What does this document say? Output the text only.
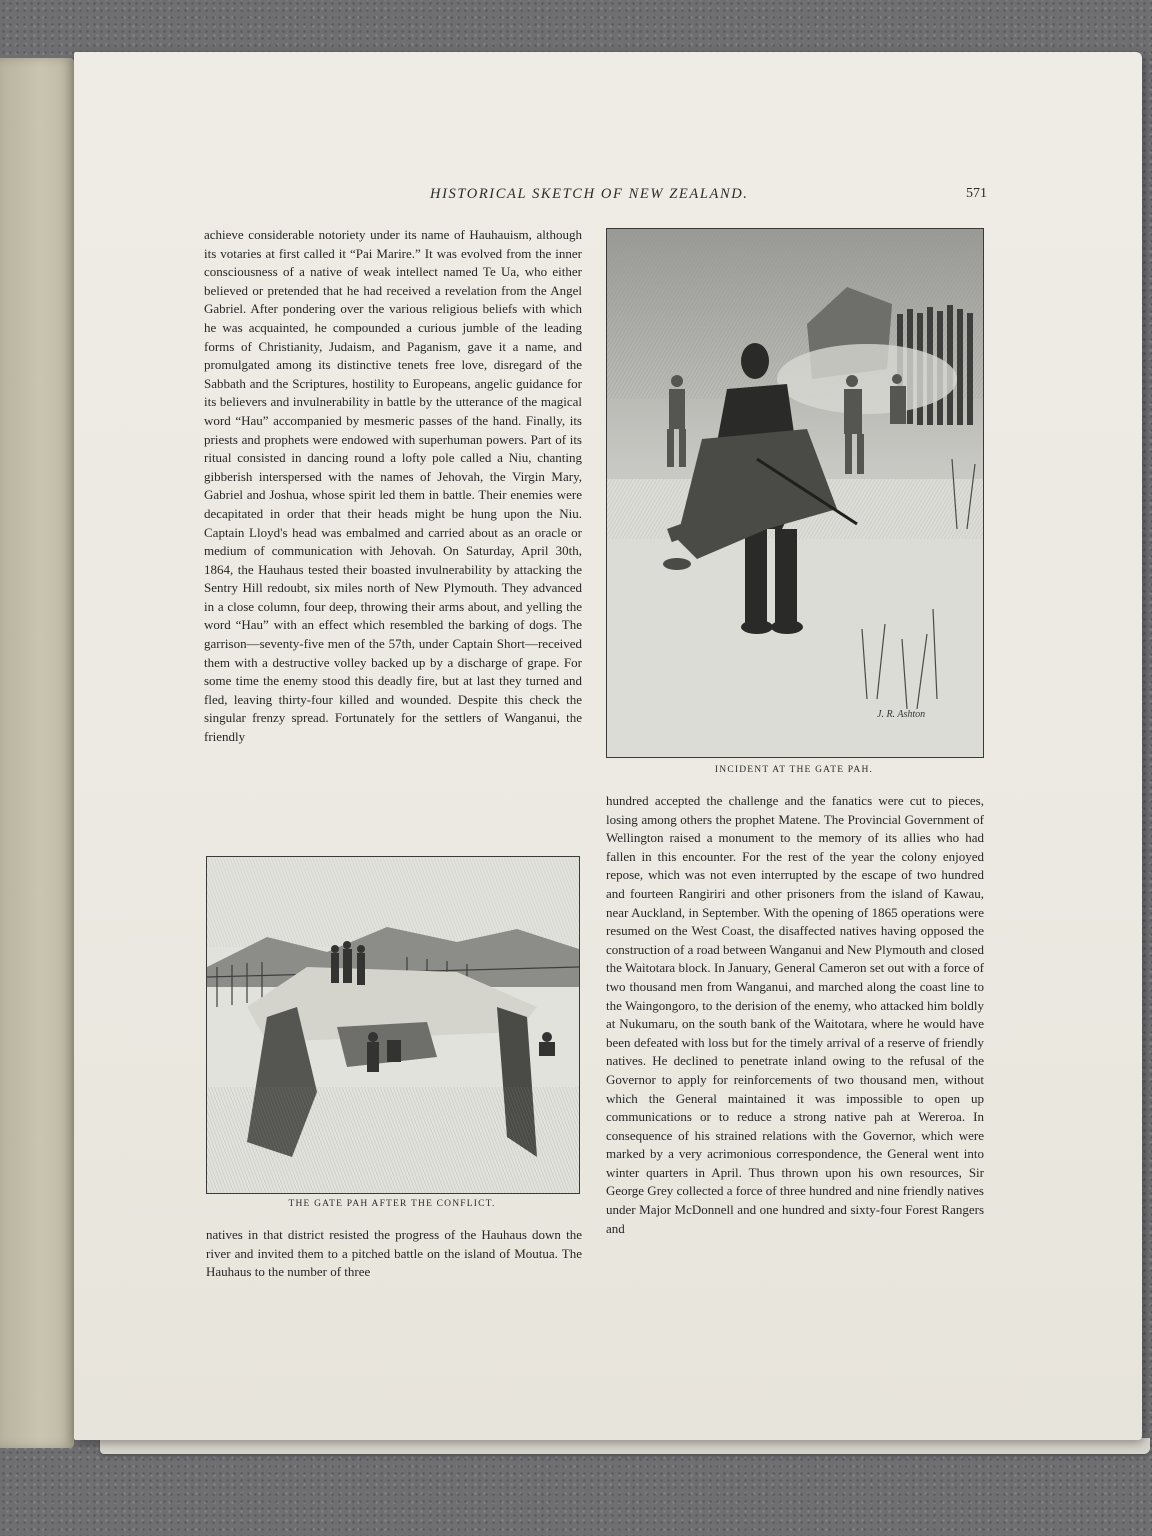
HISTORICAL SKETCH OF NEW ZEALAND.	571

achieve considerable notoriety under its name of Hauhauism, although its votaries at first called it “Pai Marire.” It was evolved from the inner consciousness of a native of weak intellect named Te Ua, who either believed or pretended that he had received a revelation from the Angel Gabriel. After pondering over the various religious beliefs with which he was acquainted, he compounded a curious jumble of the leading forms of Christianity, Judaism, and Paganism, gave it a name, and promulgated among its distinctive tenets free love, disregard of the Sabbath and the Scriptures, hostility to Europeans, angelic guidance for its believers and invulnerability in battle by the utterance of the magical word “Hau” accompanied by mesmeric passes of the hand. Finally, its priests and prophets were endowed with superhuman powers. Part of its ritual consisted in dancing round a lofty pole called a Niu, chanting gibberish interspersed with the names of Jehovah, the Virgin Mary, Gabriel and Joshua, whose spirit led them in battle. Their enemies were decapitated in order that their heads might be hung upon the Niu. Captain Lloyd's head was embalmed and carried about as an oracle or medium of communication with Jehovah. On Saturday, April 30th, 1864, the Hauhaus tested their boasted invulnerability by attacking the Sentry Hill redoubt, six miles north of New Plymouth. They advanced in a close column, four deep, throwing their arms about, and yelling the word “Hau” with an effect which resembled the barking of dogs. The garrison—seventy-five men of the 57th, under Captain Short—received them with a destructive volley backed up by a discharge of grape. For some time the enemy stood this deadly fire, but at last they turned and fled, leaving thirty-four killed and wounded. Despite this check the singular frenzy spread. Fortunately for the settlers of Wanganui, the friendly

J. R. Ashton
INCIDENT AT THE GATE PAH.

hundred accepted the challenge and the fanatics were cut to pieces, losing among others the prophet Matene. The Provincial Government of Wellington raised a monument to the memory of its allies who had fallen in this encounter. For the rest of the year the colony enjoyed repose, which was not even interrupted by the escape of two hundred and fourteen Rangiriri and other prisoners from the island of Kawau, near Auckland, in September. With the opening of 1865 operations were resumed on the West Coast, the disaffected natives having opposed the construction of a road between Wanganui and New Plymouth and closed the Waitotara block. In January, General Cameron set out with a force of two thousand men from Wanganui, and marched along the coast line to the Waingongoro, to the derision of the enemy, who attacked him boldly at Nukumaru, on the south bank of the Waitotara, where he would have been defeated with loss but for the timely arrival of a reserve of friendly natives. He declined to penetrate inland owing to the refusal of the Governor to apply for reinforcements of two thousand men, without which the General maintained it was impossible to open up communications or to reduce a strong native pah at Wereroa. In consequence of his strained relations with the Governor, which were marked by a very acrimonious correspondence, the General went into winter quarters in April. Thus thrown upon his own resources, Sir George Grey collected a force of three hundred and nine friendly natives under Major McDonnell and one hundred and sixty-four Forest Rangers and

THE GATE PAH AFTER THE CONFLICT.

natives in that district resisted the progress of the Hauhaus down the river and invited them to a pitched battle on the island of Moutua. The Hauhaus to the number of three
